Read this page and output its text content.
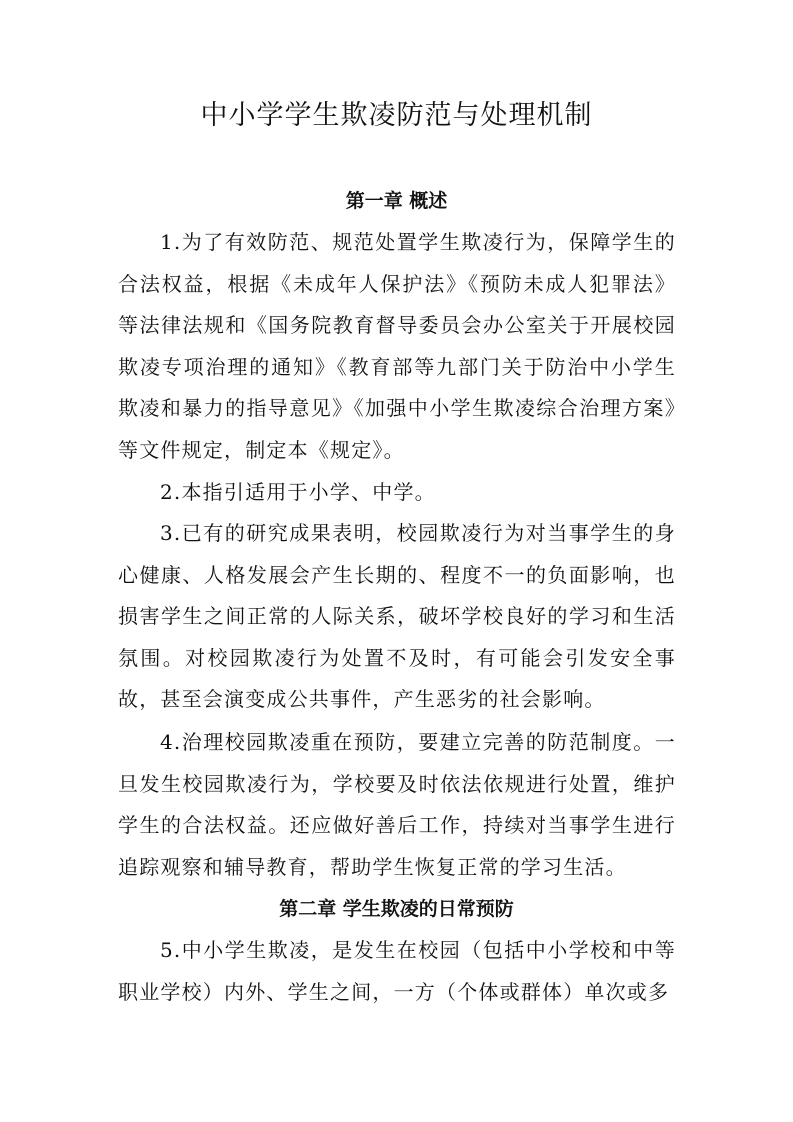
中小学学生欺凌防范与处理机制
第一章 概述

1.为了有效防范、规范处置学生欺凌行为，保障学生的合法权益，根据《未成年人保护法》《预防未成人犯罪法》等法律法规和《国务院教育督导委员会办公室关于开展校园欺凌专项治理的通知》《教育部等九部门关于防治中小学生欺凌和暴力的指导意见》《加强中小学生欺凌综合治理方案》等文件规定，制定本《规定》。

2.本指引适用于小学、中学。

3.已有的研究成果表明，校园欺凌行为对当事学生的身心健康、人格发展会产生长期的、程度不一的负面影响，也损害学生之间正常的人际关系，破坏学校良好的学习和生活氛围。对校园欺凌行为处置不及时，有可能会引发安全事故，甚至会演变成公共事件，产生恶劣的社会影响。

4.治理校园欺凌重在预防，要建立完善的防范制度。一旦发生校园欺凌行为，学校要及时依法依规进行处置，维护学生的合法权益。还应做好善后工作，持续对当事学生进行追踪观察和辅导教育，帮助学生恢复正常的学习生活。

第二章 学生欺凌的日常预防

5.中小学生欺凌，是发生在校园（包括中小学校和中等职业学校）内外、学生之间，一方（个体或群体）单次或多
